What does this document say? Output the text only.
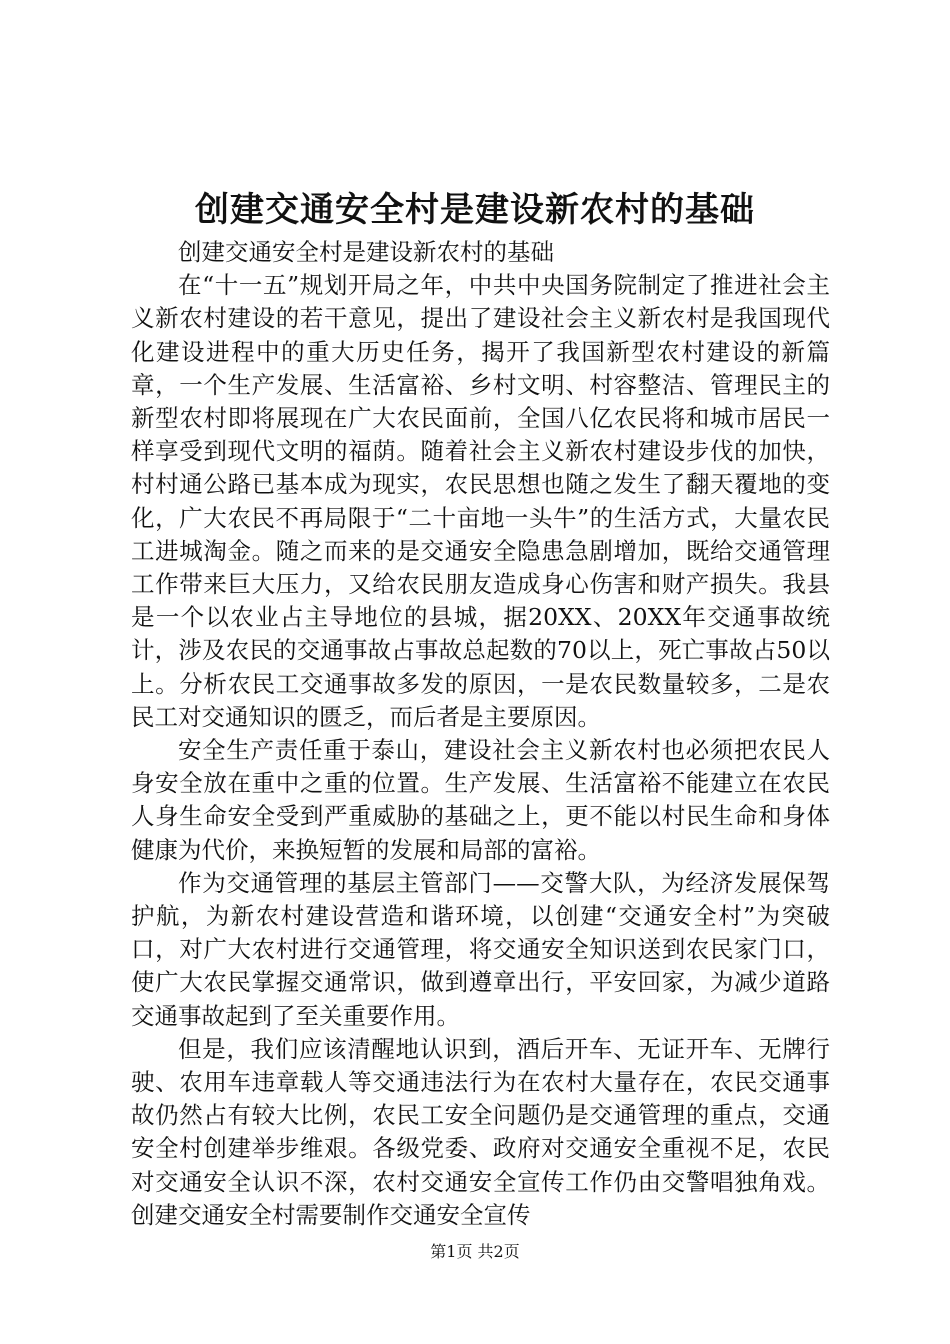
创建交通安全村是建设新农村的基础

创建交通安全村是建设新农村的基础

在“十一五”规划开局之年，中共中央国务院制定了推进社会主义新农村建设的若干意见，提出了建设社会主义新农村是我国现代化建设进程中的重大历史任务，揭开了我国新型农村建设的新篇章，一个生产发展、生活富裕、乡村文明、村容整洁、管理民主的新型农村即将展现在广大农民面前，全国八亿农民将和城市居民一样享受到现代文明的福荫。随着社会主义新农村建设步伐的加快，村村通公路已基本成为现实，农民思想也随之发生了翻天覆地的变化，广大农民不再局限于“二十亩地一头牛”的生活方式，大量农民工进城淘金。随之而来的是交通安全隐患急剧增加，既给交通管理工作带来巨大压力，又给农民朋友造成身心伤害和财产损失。我县是一个以农业占主导地位的县城，据20XX、20XX年交通事故统计，涉及农民的交通事故占事故总起数的70以上，死亡事故占50以上。分析农民工交通事故多发的原因，一是农民数量较多，二是农民工对交通知识的匮乏，而后者是主要原因。

安全生产责任重于泰山，建设社会主义新农村也必须把农民人身安全放在重中之重的位置。生产发展、生活富裕不能建立在农民人身生命安全受到严重威胁的基础之上，更不能以村民生命和身体健康为代价，来换短暂的发展和局部的富裕。

作为交通管理的基层主管部门——交警大队，为经济发展保驾护航，为新农村建设营造和谐环境，以创建“交通安全村”为突破口，对广大农村进行交通管理，将交通安全知识送到农民家门口，使广大农民掌握交通常识，做到遵章出行，平安回家，为减少道路交通事故起到了至关重要作用。

但是，我们应该清醒地认识到，酒后开车、无证开车、无牌行驶、农用车违章载人等交通违法行为在农村大量存在，农民交通事故仍然占有较大比例，农民工安全问题仍是交通管理的重点，交通安全村创建举步维艰。各级党委、政府对交通安全重视不足，农民对交通安全认识不深，农村交通安全宣传工作仍由交警唱独角戏。创建交通安全村需要制作交通安全宣传

第1页 共2页
